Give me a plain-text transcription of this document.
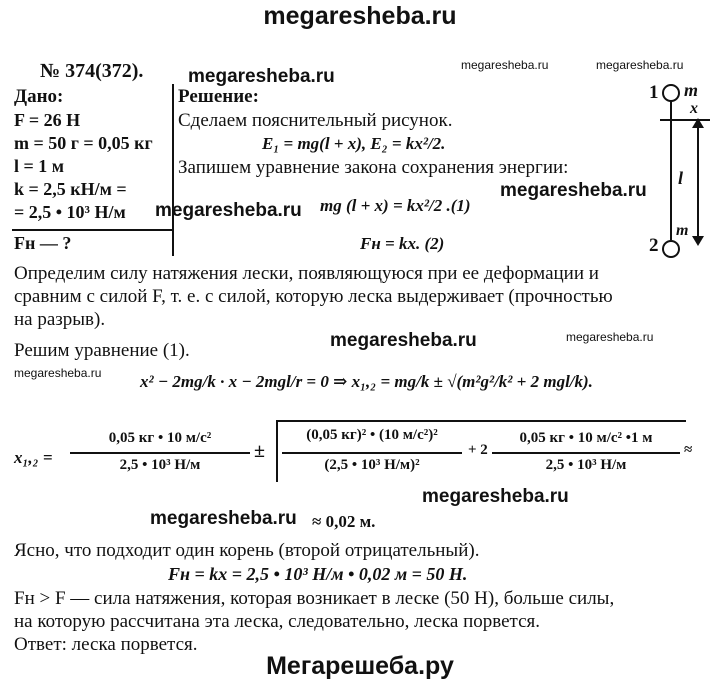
megaresheba.ru
№ 374(372). megaresheba.ru
megaresheba.ru	megaresheba.ru
Дано:
F = 26 Н
m = 50 г = 0,05 кг
l = 1 м
k = 2,5 кН/м =
= 2,5 • 10³ Н/м
Fн — ?
Решение:
Сделаем пояснительный рисунок.
E₁ = mg(l + x), E₂ = kx²/2.
Запишем уравнение закона сохранения энергии:
megaresheba.ru
megaresheba.ru mg (l + x) = kx²/2 .(1)
Fн = kx. (2)
1 m
x
l
2
m
Определим силу натяжения лески, появляющуюся при ее деформации и
сравним с силой F, т. е. с силой, которую леска выдерживает (прочностью
на разрыв).
megaresheba.ru
megaresheba.ru
Решим уравнение (1).
megaresheba.ru x² − 2mg/k · x − 2mgl/r = 0 ⇒ x₁,₂ = mg/k ± √(m²g²/k² + 2 mgl/k).
x₁,₂ =
0,05 кг • 10 м/с²
2,5 • 10³ Н/м
±
(0,05 кг)² • (10 м/с²)²
(2,5 • 10³ Н/м)²
+ 2
0,05 кг • 10 м/с² •1 м
2,5 • 10³ Н/м
≈
megaresheba.ru
megaresheba.ru ≈ 0,02 м.
Ясно, что подходит один корень (второй отрицательный).
Fн = kx = 2,5 • 10³ Н/м • 0,02 м = 50 Н.
Fн > F — сила натяжения, которая возникает в леске (50 Н), больше силы,
на которую рассчитана эта леска, следовательно, леска порвется.
Ответ: леска порвется.
Мегарешеба.ру
